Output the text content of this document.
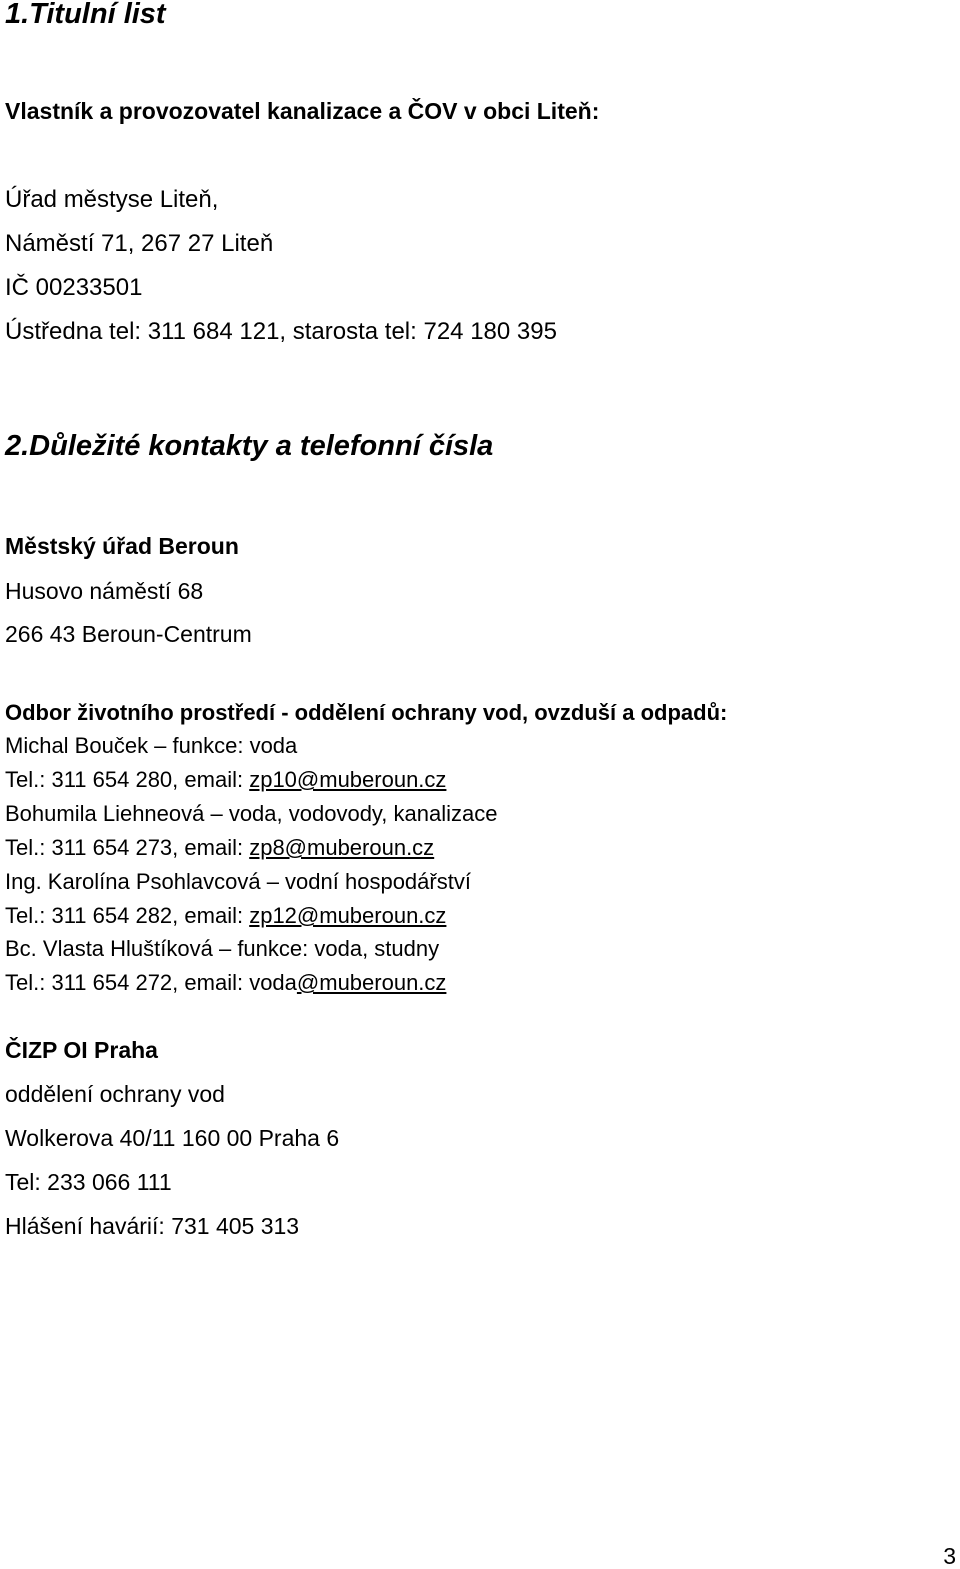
1.Titulní list

Vlastník a provozovatel kanalizace a ČOV v obci Liteň:

Úřad městyse Liteň,

Náměstí 71, 267 27 Liteň

IČ 00233501

Ústředna tel: 311 684 121, starosta tel: 724 180 395

2.Důležité kontakty a telefonní čísla

Městský úřad Beroun

Husovo náměstí 68

266 43 Beroun-Centrum

Odbor životního prostředí - oddělení ochrany vod, ovzduší a odpadů:

Michal Bouček – funkce: voda

Tel.: 311 654 280, email: zp10@muberoun.cz

Bohumila Liehneová – voda, vodovody, kanalizace

Tel.: 311 654 273, email: zp8@muberoun.cz

Ing. Karolína Psohlavcová – vodní hospodářství

Tel.: 311 654 282, email: zp12@muberoun.cz

Bc. Vlasta Hluštíková – funkce: voda, studny

Tel.: 311 654 272, email: voda@muberoun.cz

ČIZP OI Praha

oddělení ochrany vod

Wolkerova 40/11 160 00 Praha 6

Tel: 233 066 111

Hlášení havárií: 731 405 313

3
